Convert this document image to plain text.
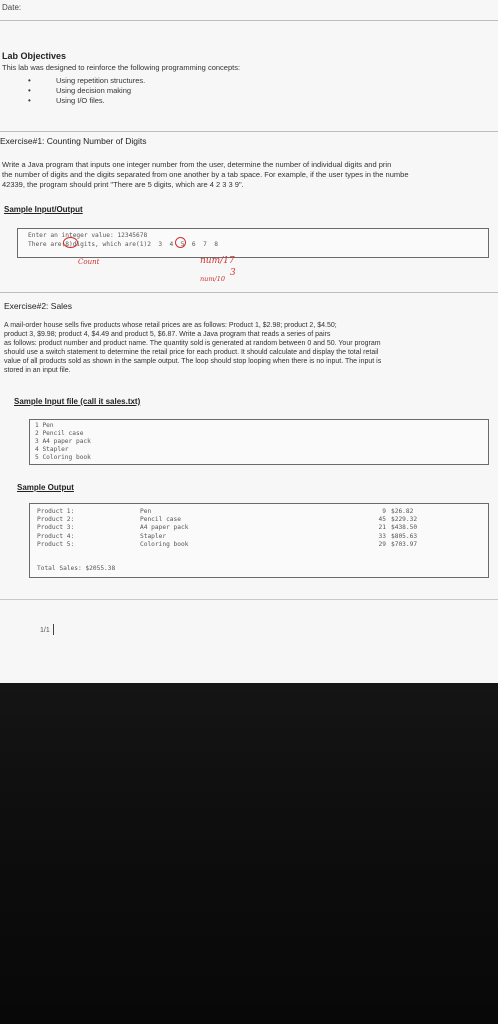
Date:
Lab Objectives
This lab was designed to reinforce the following programming concepts:
• Using repetition structures.
• Using decision making
• Using I/O files.
Exercise#1: Counting Number of Digits
Write a Java program that inputs one integer number from the user, determine the number of individual digits and prin
the number of digits and the digits separated from one another by a tab space. For example, if the user types in the numbe
42339, the program should print "There are 5 digits, which are 4 2 3 3 9".
Sample Input/Output
Enter an integer value: 12345678
There are(8)digits, which are(1)2  3  4  5  6  7  8
Count	num/17
num/10
3
Exercise#2: Sales
A mail-order house sells five products whose retail prices are as follows: Product 1, $2.98; product 2, $4.50;
product 3, $9.98; product 4, $4.49 and product 5, $6.87. Write a Java program that reads a series of pairs
as follows: product number and product name. The quantity sold is generated at random between 0 and 50. Your program
should use a switch statement to determine the retail price for each product. It should calculate and display the total retail
value of all products sold as shown in the sample output. The loop should stop looping when there is no input. The input is
stored in an input file.
Sample Input file (call it sales.txt)
1 Pen
2 Pencil case
3 A4 paper pack
4 Stapler
5 Coloring book
Sample Output
Product 1:
Product 2:
Product 3:
Product 4:
Product 5:
Pen
Pencil case
A4 paper pack
Stapler
Coloring book
9
45
21
33
29
$26.82
$229.32
$438.50
$805.63
$703.97
Total Sales: $2055.38
1/1
